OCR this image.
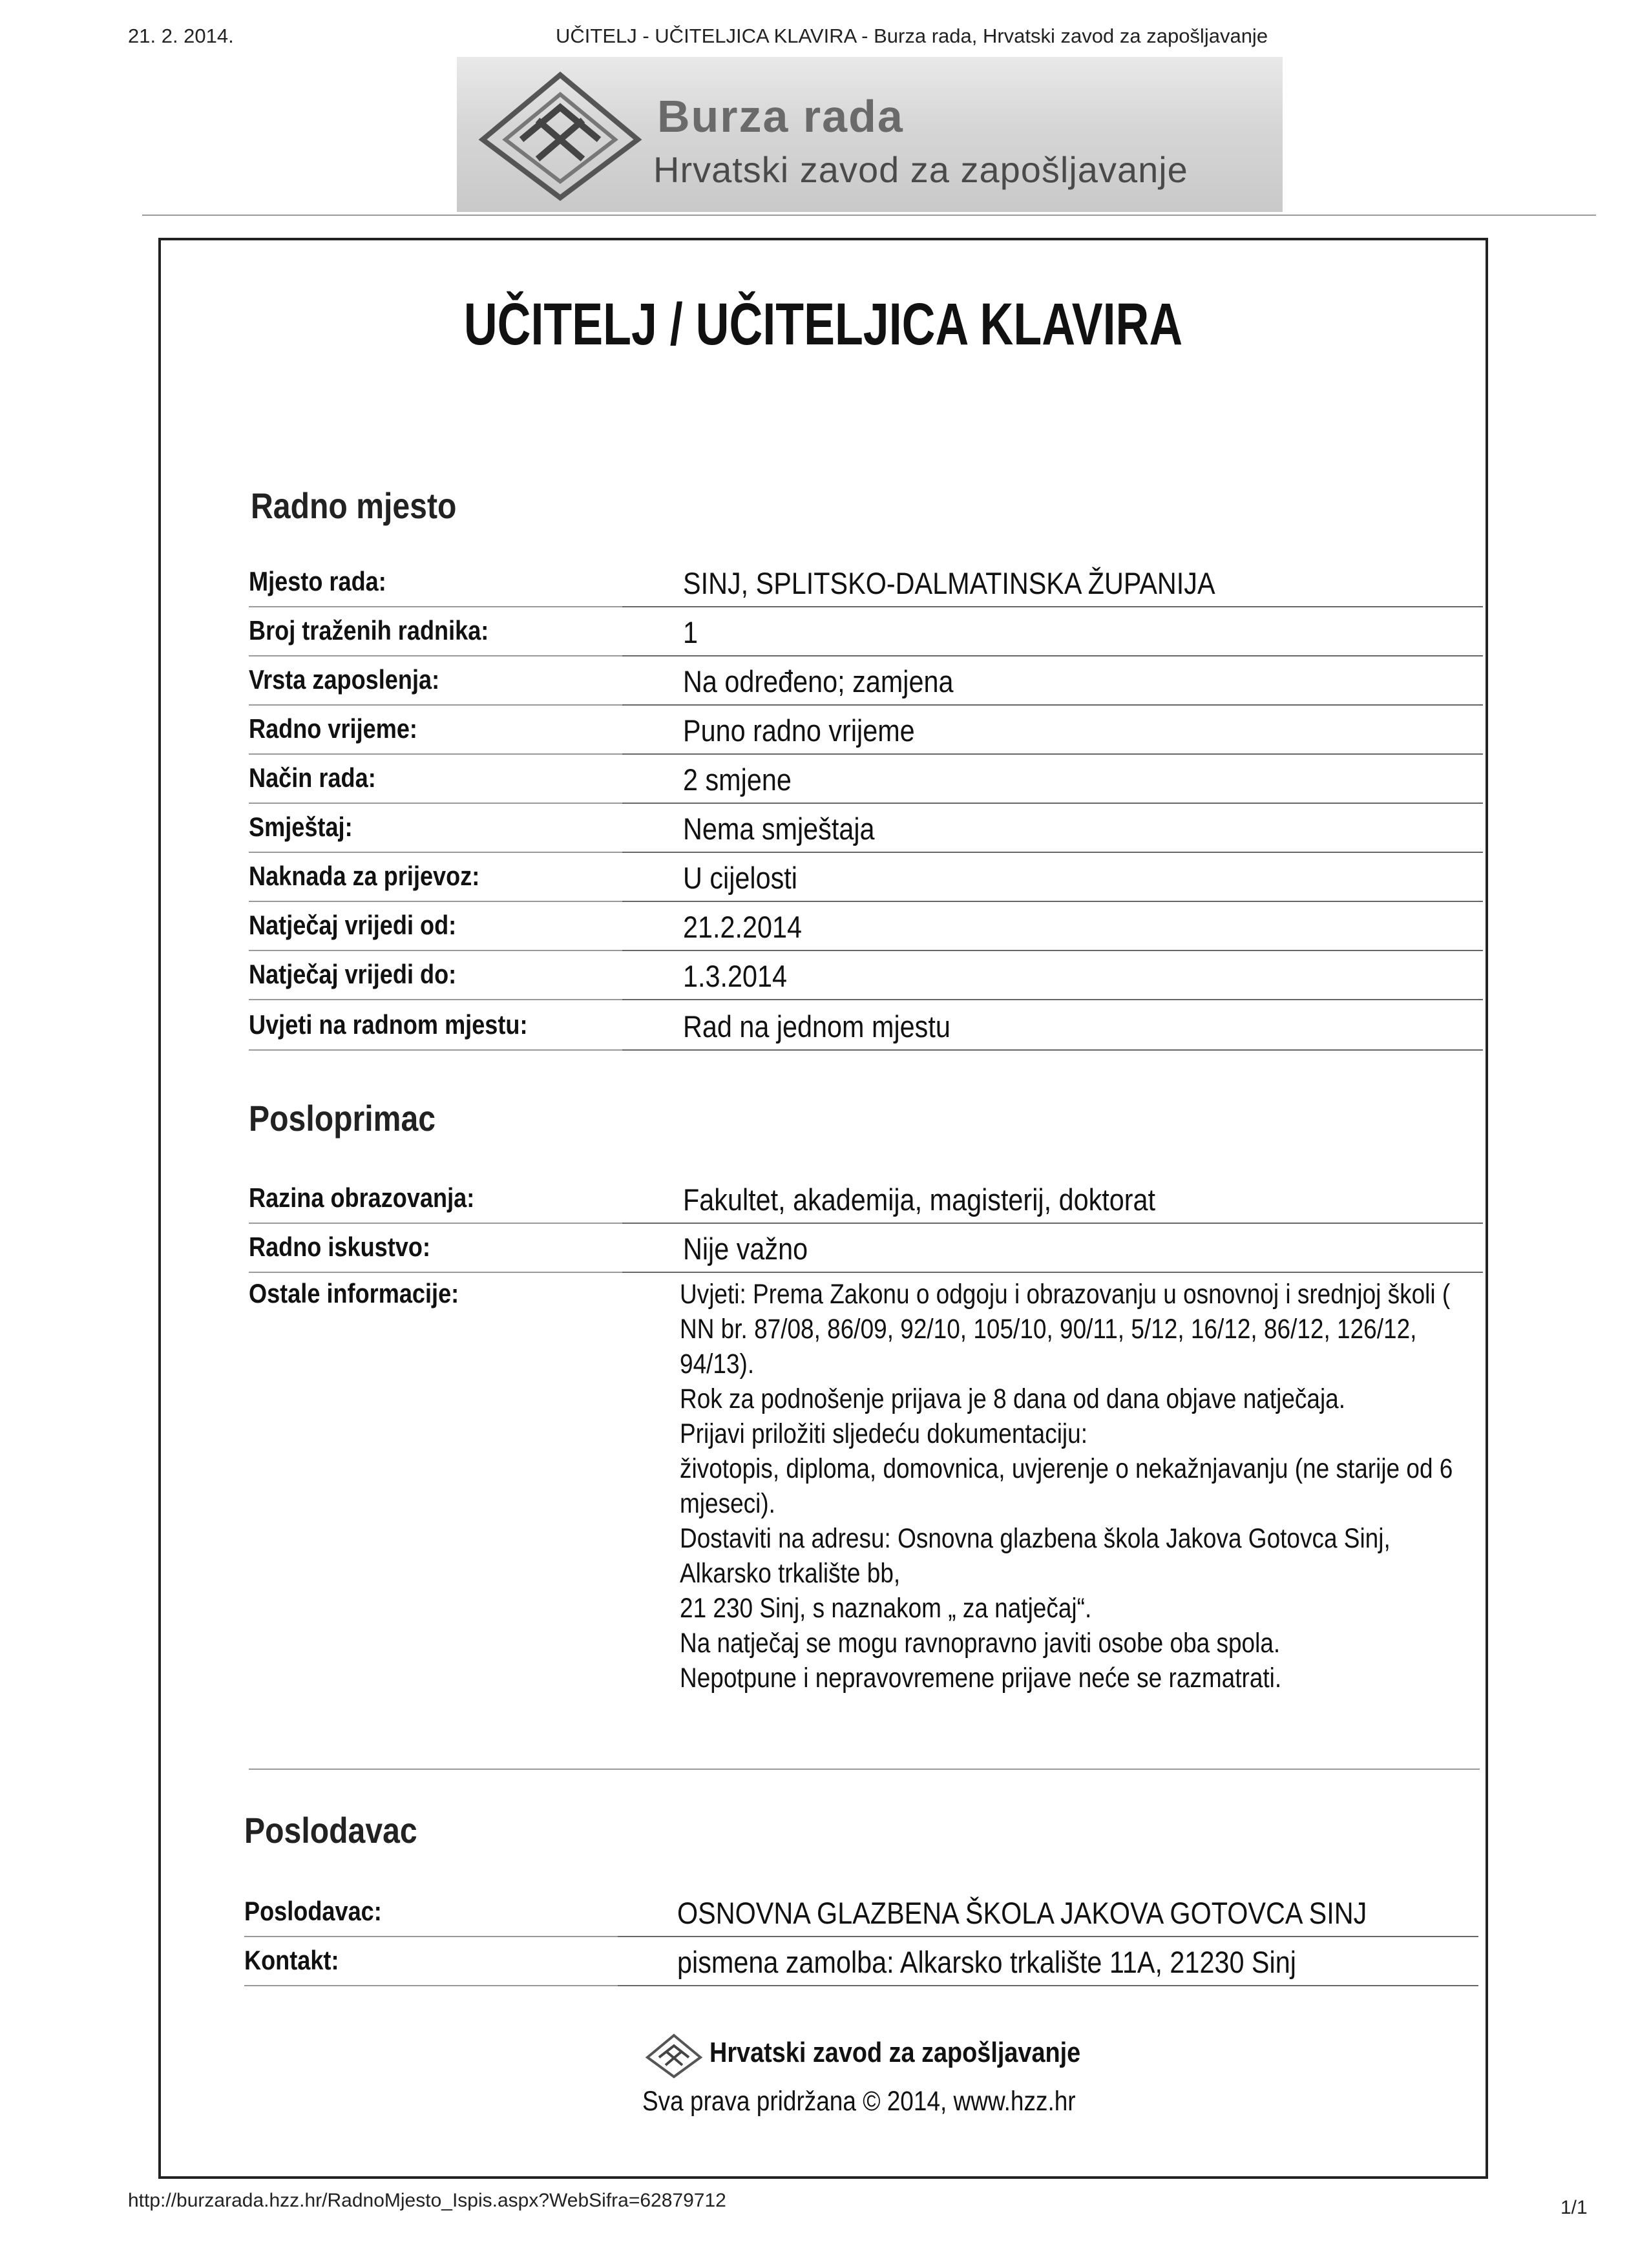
21. 2. 2014.	UČITELJ - UČITELJICA KLAVIRA - Burza rada, Hrvatski zavod za zapošljavanje
Burza rada
Hrvatski zavod za zapošljavanje
UČITELJ / UČITELJICA KLAVIRA
Radno mjesto
Mjesto rada:	SINJ, SPLITSKO-DALMATINSKA ŽUPANIJA
Broj traženih radnika:	1
Vrsta zaposlenja:	Na određeno; zamjena
Radno vrijeme:	Puno radno vrijeme
Način rada:	2 smjene
Smještaj:	Nema smještaja
Naknada za prijevoz:	U cijelosti
Natječaj vrijedi od:	21.2.2014
Natječaj vrijedi do:	1.3.2014
Uvjeti na radnom mjestu:	Rad na jednom mjestu
Posloprimac
Razina obrazovanja:	Fakultet, akademija, magisterij, doktorat
Radno iskustvo:	Nije važno
Ostale informacije:	Uvjeti: Prema Zakonu o odgoju i obrazovanju u osnovnoj i srednjoj školi (
NN br. 87/08, 86/09, 92/10, 105/10, 90/11, 5/12, 16/12, 86/12, 126/12,
94/13).
Rok za podnošenje prijava je 8 dana od dana objave natječaja.
Prijavi priložiti sljedeću dokumentaciju:
životopis, diploma, domovnica, uvjerenje o nekažnjavanju (ne starije od 6
mjeseci).
Dostaviti na adresu: Osnovna glazbena škola Jakova Gotovca Sinj,
Alkarsko trkalište bb,
21 230 Sinj, s naznakom „ za natječaj“.
Na natječaj se mogu ravnopravno javiti osobe oba spola.
Nepotpune i nepravovremene prijave neće se razmatrati.
Poslodavac
Poslodavac:	OSNOVNA GLAZBENA ŠKOLA JAKOVA GOTOVCA SINJ
Kontakt:	pismena zamolba: Alkarsko trkalište 11A, 21230 Sinj
Hrvatski zavod za zapošljavanje
Sva prava pridržana © 2014, www.hzz.hr
http://burzarada.hzz.hr/RadnoMjesto_Ispis.aspx?WebSifra=62879712	1/1
